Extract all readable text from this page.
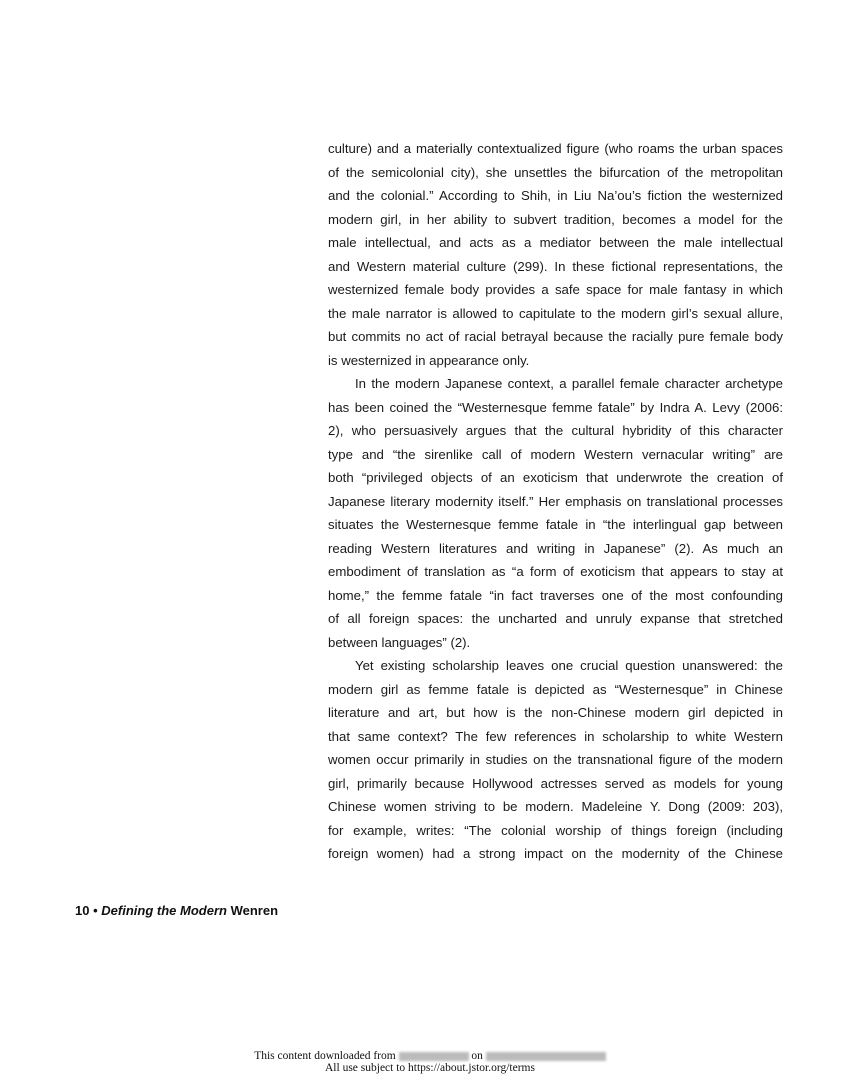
culture) and a materially contextualized figure (who roams the urban spaces
of the semicolonial city), she unsettles the bifurcation of the metropolitan
and the colonial.” According to Shih, in Liu Na’ou’s fiction the westernized
modern girl, in her ability to subvert tradition, becomes a model for the
male intellectual, and acts as a mediator between the male intellectual
and Western material culture (299). In these fictional representations, the
westernized female body provides a safe space for male fantasy in which
the male narrator is allowed to capitulate to the modern girl’s sexual allure,
but commits no act of racial betrayal because the racially pure female body
is westernized in appearance only.
In the modern Japanese context, a parallel female character archetype
has been coined the “Westernesque femme fatale” by Indra A. Levy (2006:
2), who persuasively argues that the cultural hybridity of this character
type and “the sirenlike call of modern Western vernacular writing” are
both “privileged objects of an exoticism that underwrote the creation of
Japanese literary modernity itself.” Her emphasis on translational processes
situates the Westernesque femme fatale in “the interlingual gap between
reading Western literatures and writing in Japanese” (2). As much an
embodiment of translation as “a form of exoticism that appears to stay at
home,” the femme fatale “in fact traverses one of the most confounding
of all foreign spaces: the uncharted and unruly expanse that stretched
between languages” (2).
Yet existing scholarship leaves one crucial question unanswered: the
modern girl as femme fatale is depicted as “Westernesque” in Chinese
literature and art, but how is the non-Chinese modern girl depicted in
that same context? The few references in scholarship to white Western
women occur primarily in studies on the transnational figure of the modern
girl, primarily because Hollywood actresses served as models for young
Chinese women striving to be modern. Madeleine Y. Dong (2009: 203),
for example, writes: “The colonial worship of things foreign (including
foreign women) had a strong impact on the modernity of the Chinese
10 • Defining the Modern Wenren
This content downloaded from	on
All use subject to https://about.jstor.org/terms
